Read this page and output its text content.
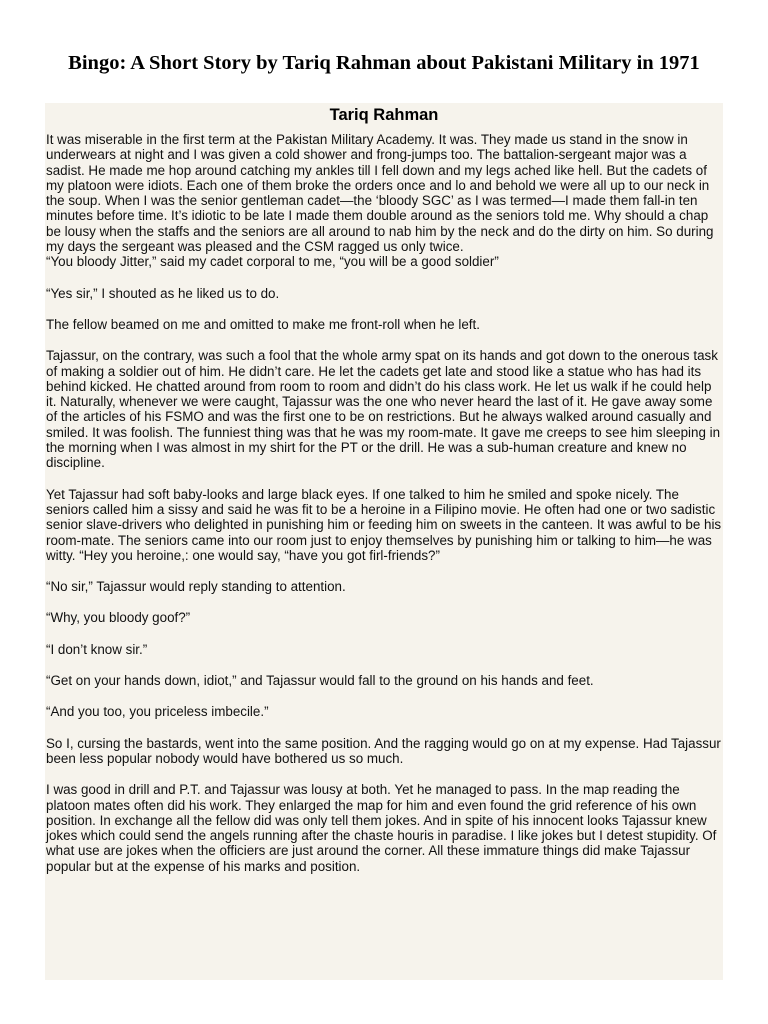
Bingo: A Short Story by Tariq Rahman about Pakistani Military in 1971
Tariq Rahman

It was miserable in the first term at the Pakistan Military Academy. It was. They made us stand in the snow in underwears at night and I was given a cold shower and frong-jumps too. The battalion-sergeant major was a sadist. He made me hop around catching my ankles till I fell down and my legs ached like hell. But the cadets of my platoon were idiots. Each one of them broke the orders once and lo and behold we were all up to our neck in the soup. When I was the senior gentleman cadet—the ‘bloody SGC’ as I was termed—I made them fall-in ten minutes before time. It’s idiotic to be late I made them double around as the seniors told me. Why should a chap be lousy when the staffs and the seniors are all around to nab him by the neck and do the dirty on him. So during my days the sergeant was pleased and the CSM ragged us only twice.

“You bloody Jitter,” said my cadet corporal to me, “you will be a good soldier”

“Yes sir,” I shouted as he liked us to do.

The fellow beamed on me and omitted to make me front-roll when he left.

Tajassur, on the contrary, was such a fool that the whole army spat on its hands and got down to the onerous task of making a soldier out of him. He didn’t care. He let the cadets get late and stood like a statue who has had its behind kicked. He chatted around from room to room and didn’t do his class work. He let us walk if he could help it. Naturally, whenever we were caught, Tajassur was the one who never heard the last of it. He gave away some of the articles of his FSMO and was the first one to be on restrictions. But he always walked around casually and smiled. It was foolish. The funniest thing was that he was my room-mate. It gave me creeps to see him sleeping in the morning when I was almost in my shirt for the PT or the drill. He was a sub-human creature and knew no discipline.

Yet Tajassur had soft baby-looks and large black eyes. If one talked to him he smiled and spoke nicely. The seniors called him a sissy and said he was fit to be a heroine in a Filipino movie. He often had one or two sadistic senior slave-drivers who delighted in punishing him or feeding him on sweets in the canteen. It was awful to be his room-mate. The seniors came into our room just to enjoy themselves by punishing him or talking to him—he was witty. “Hey you heroine,: one would say, “have you got firl-friends?”

“No sir,” Tajassur would reply standing to attention.

“Why, you bloody goof?”

“I don’t know sir.”

“Get on your hands down, idiot,” and Tajassur would fall to the ground on his hands and feet.

“And you too, you priceless imbecile.”

So I, cursing the bastards, went into the same position. And the ragging would go on at my expense. Had Tajassur been less popular nobody would have bothered us so much.

I was good in drill and P.T. and Tajassur was lousy at both. Yet he managed to pass. In the map reading the platoon mates often did his work. They enlarged the map for him and even found the grid reference of his own position. In exchange all the fellow did was only tell them jokes. And in spite of his innocent looks Tajassur knew jokes which could send the angels running after the chaste houris in paradise. I like jokes but I detest stupidity. Of what use are jokes when the officiers are just around the corner. All these immature things did make Tajassur popular but at the expense of his marks and position.
